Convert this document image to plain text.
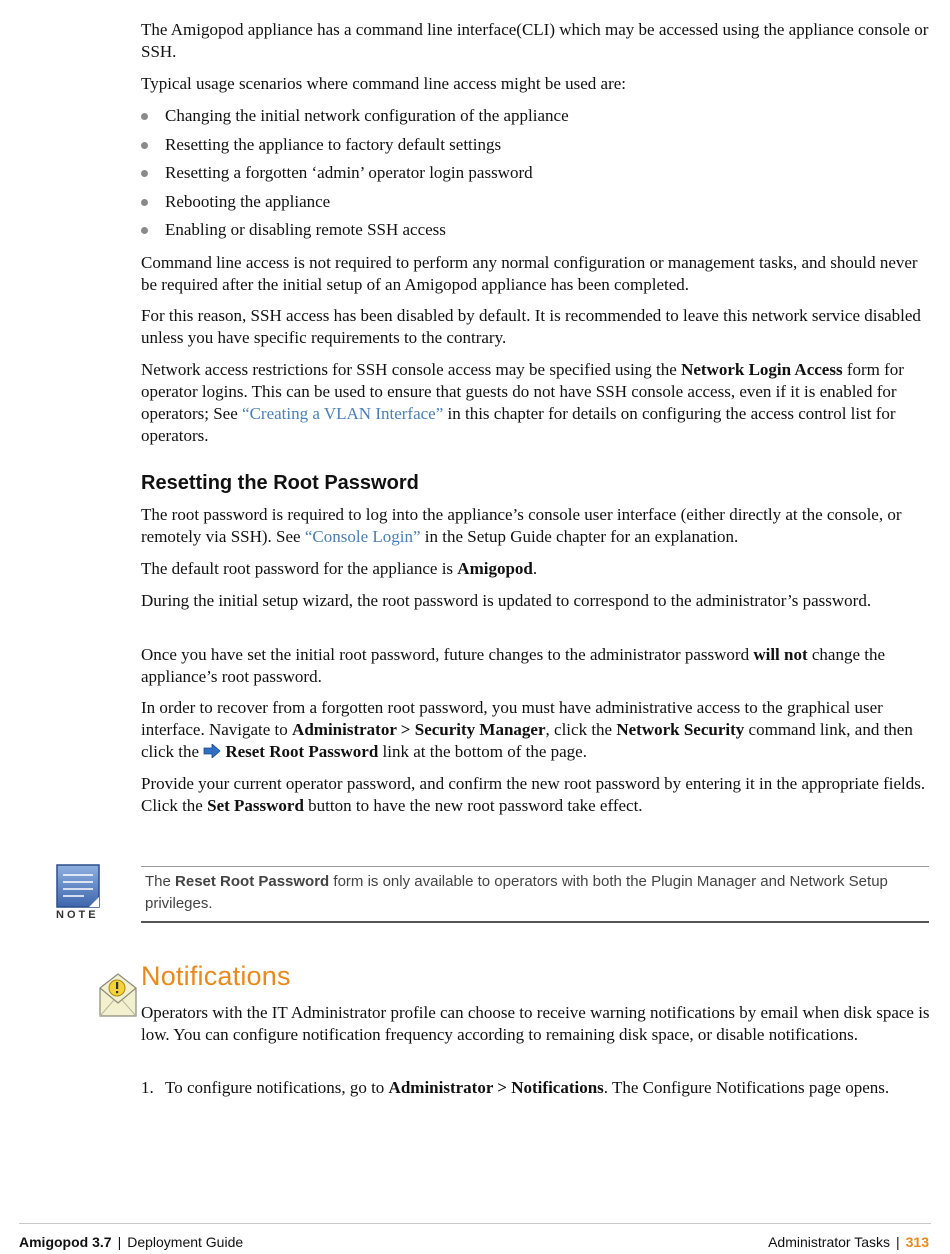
The Amigopod appliance has a command line interface(CLI) which may be accessed using the appliance console or SSH.

Typical usage scenarios where command line access might be used are:

Changing the initial network configuration of the appliance
Resetting the appliance to factory default settings
Resetting a forgotten ‘admin’ operator login password
Rebooting the appliance
Enabling or disabling remote SSH access

Command line access is not required to perform any normal configuration or management tasks, and should never be required after the initial setup of an Amigopod appliance has been completed.

For this reason, SSH access has been disabled by default. It is recommended to leave this network service disabled unless you have specific requirements to the contrary.

Network access restrictions for SSH console access may be specified using the Network Login Access form for operator logins. This can be used to ensure that guests do not have SSH console access, even if it is enabled for operators; See “Creating a VLAN Interface” in this chapter for details on configuring the access control list for operators.

Resetting the Root Password

The root password is required to log into the appliance’s console user interface (either directly at the console, or remotely via SSH). See “Console Login” in the Setup Guide chapter for an explanation.

The default root password for the appliance is Amigopod.

During the initial setup wizard, the root password is updated to correspond to the administrator’s password.

Once you have set the initial root password, future changes to the administrator password will not change the appliance’s root password.

In order to recover from a forgotten root password, you must have administrative access to the graphical user interface. Navigate to Administrator > Security Manager, click the Network Security command link, and then click the Reset Root Password link at the bottom of the page.

Provide your current operator password, and confirm the new root password by entering it in the appropriate fields. Click the Set Password button to have the new root password take effect.

NOTE
The Reset Root Password form is only available to operators with both the Plugin Manager and Network Setup privileges.
Notifications

Operators with the IT Administrator profile can choose to receive warning notifications by email when disk space is low. You can configure notification frequency according to remaining disk space, or disable notifications.

1. To configure notifications, go to Administrator > Notifications. The Configure Notifications page opens.
Amigopod 3.7 | Deployment Guide	Administrator Tasks | 313
